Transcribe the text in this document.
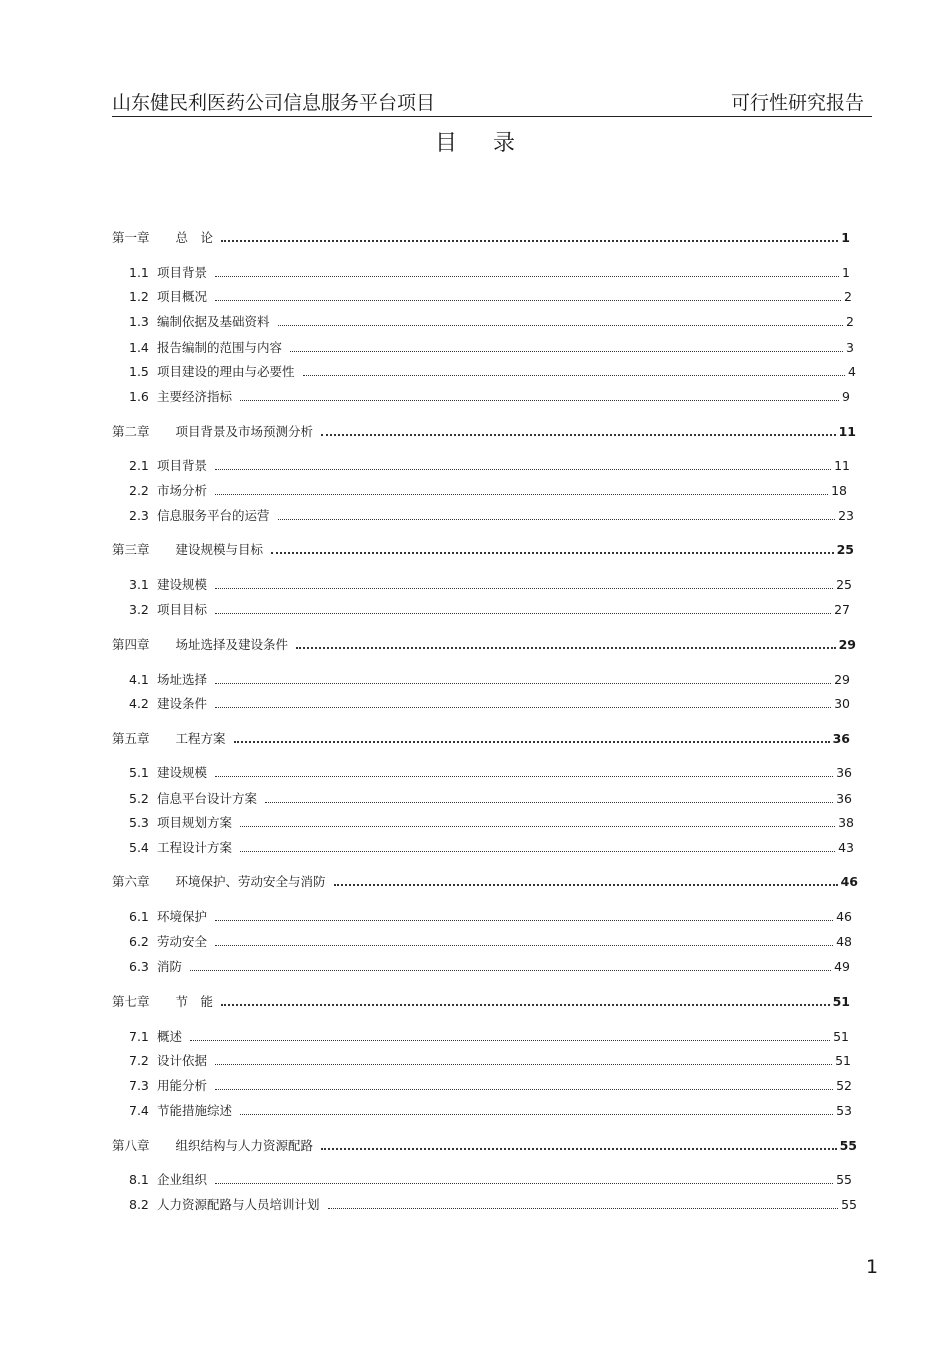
山东健民利医药公司信息服务平台项目	可行性研究报告
目录
第一章 总　论	1
1.1 项目背景	1
1.2 项目概况	2
1.3 编制依据及基础资料	2
1.4 报告编制的范围与内容	3
1.5 项目建设的理由与必要性	4
1.6 主要经济指标	9
第二章 项目背景及市场预测分析	11
2.1 项目背景	11
2.2 市场分析	18
2.3 信息服务平台的运营	23
第三章 建设规模与目标	25
3.1 建设规模	25
3.2 项目目标	27
第四章 场址选择及建设条件	29
4.1 场址选择	29
4.2 建设条件	30
第五章 工程方案	36
5.1 建设规模	36
5.2 信息平台设计方案	36
5.3 项目规划方案	38
5.4 工程设计方案	43
第六章 环境保护、劳动安全与消防	46
6.1 环境保护	46
6.2 劳动安全	48
6.3 消防	49
第七章 节　能	51
7.1 概述	51
7.2 设计依据	51
7.3 用能分析	52
7.4 节能措施综述	53
第八章 组织结构与人力资源配路	55
8.1 企业组织	55
8.2 人力资源配路与人员培训计划	55
1
